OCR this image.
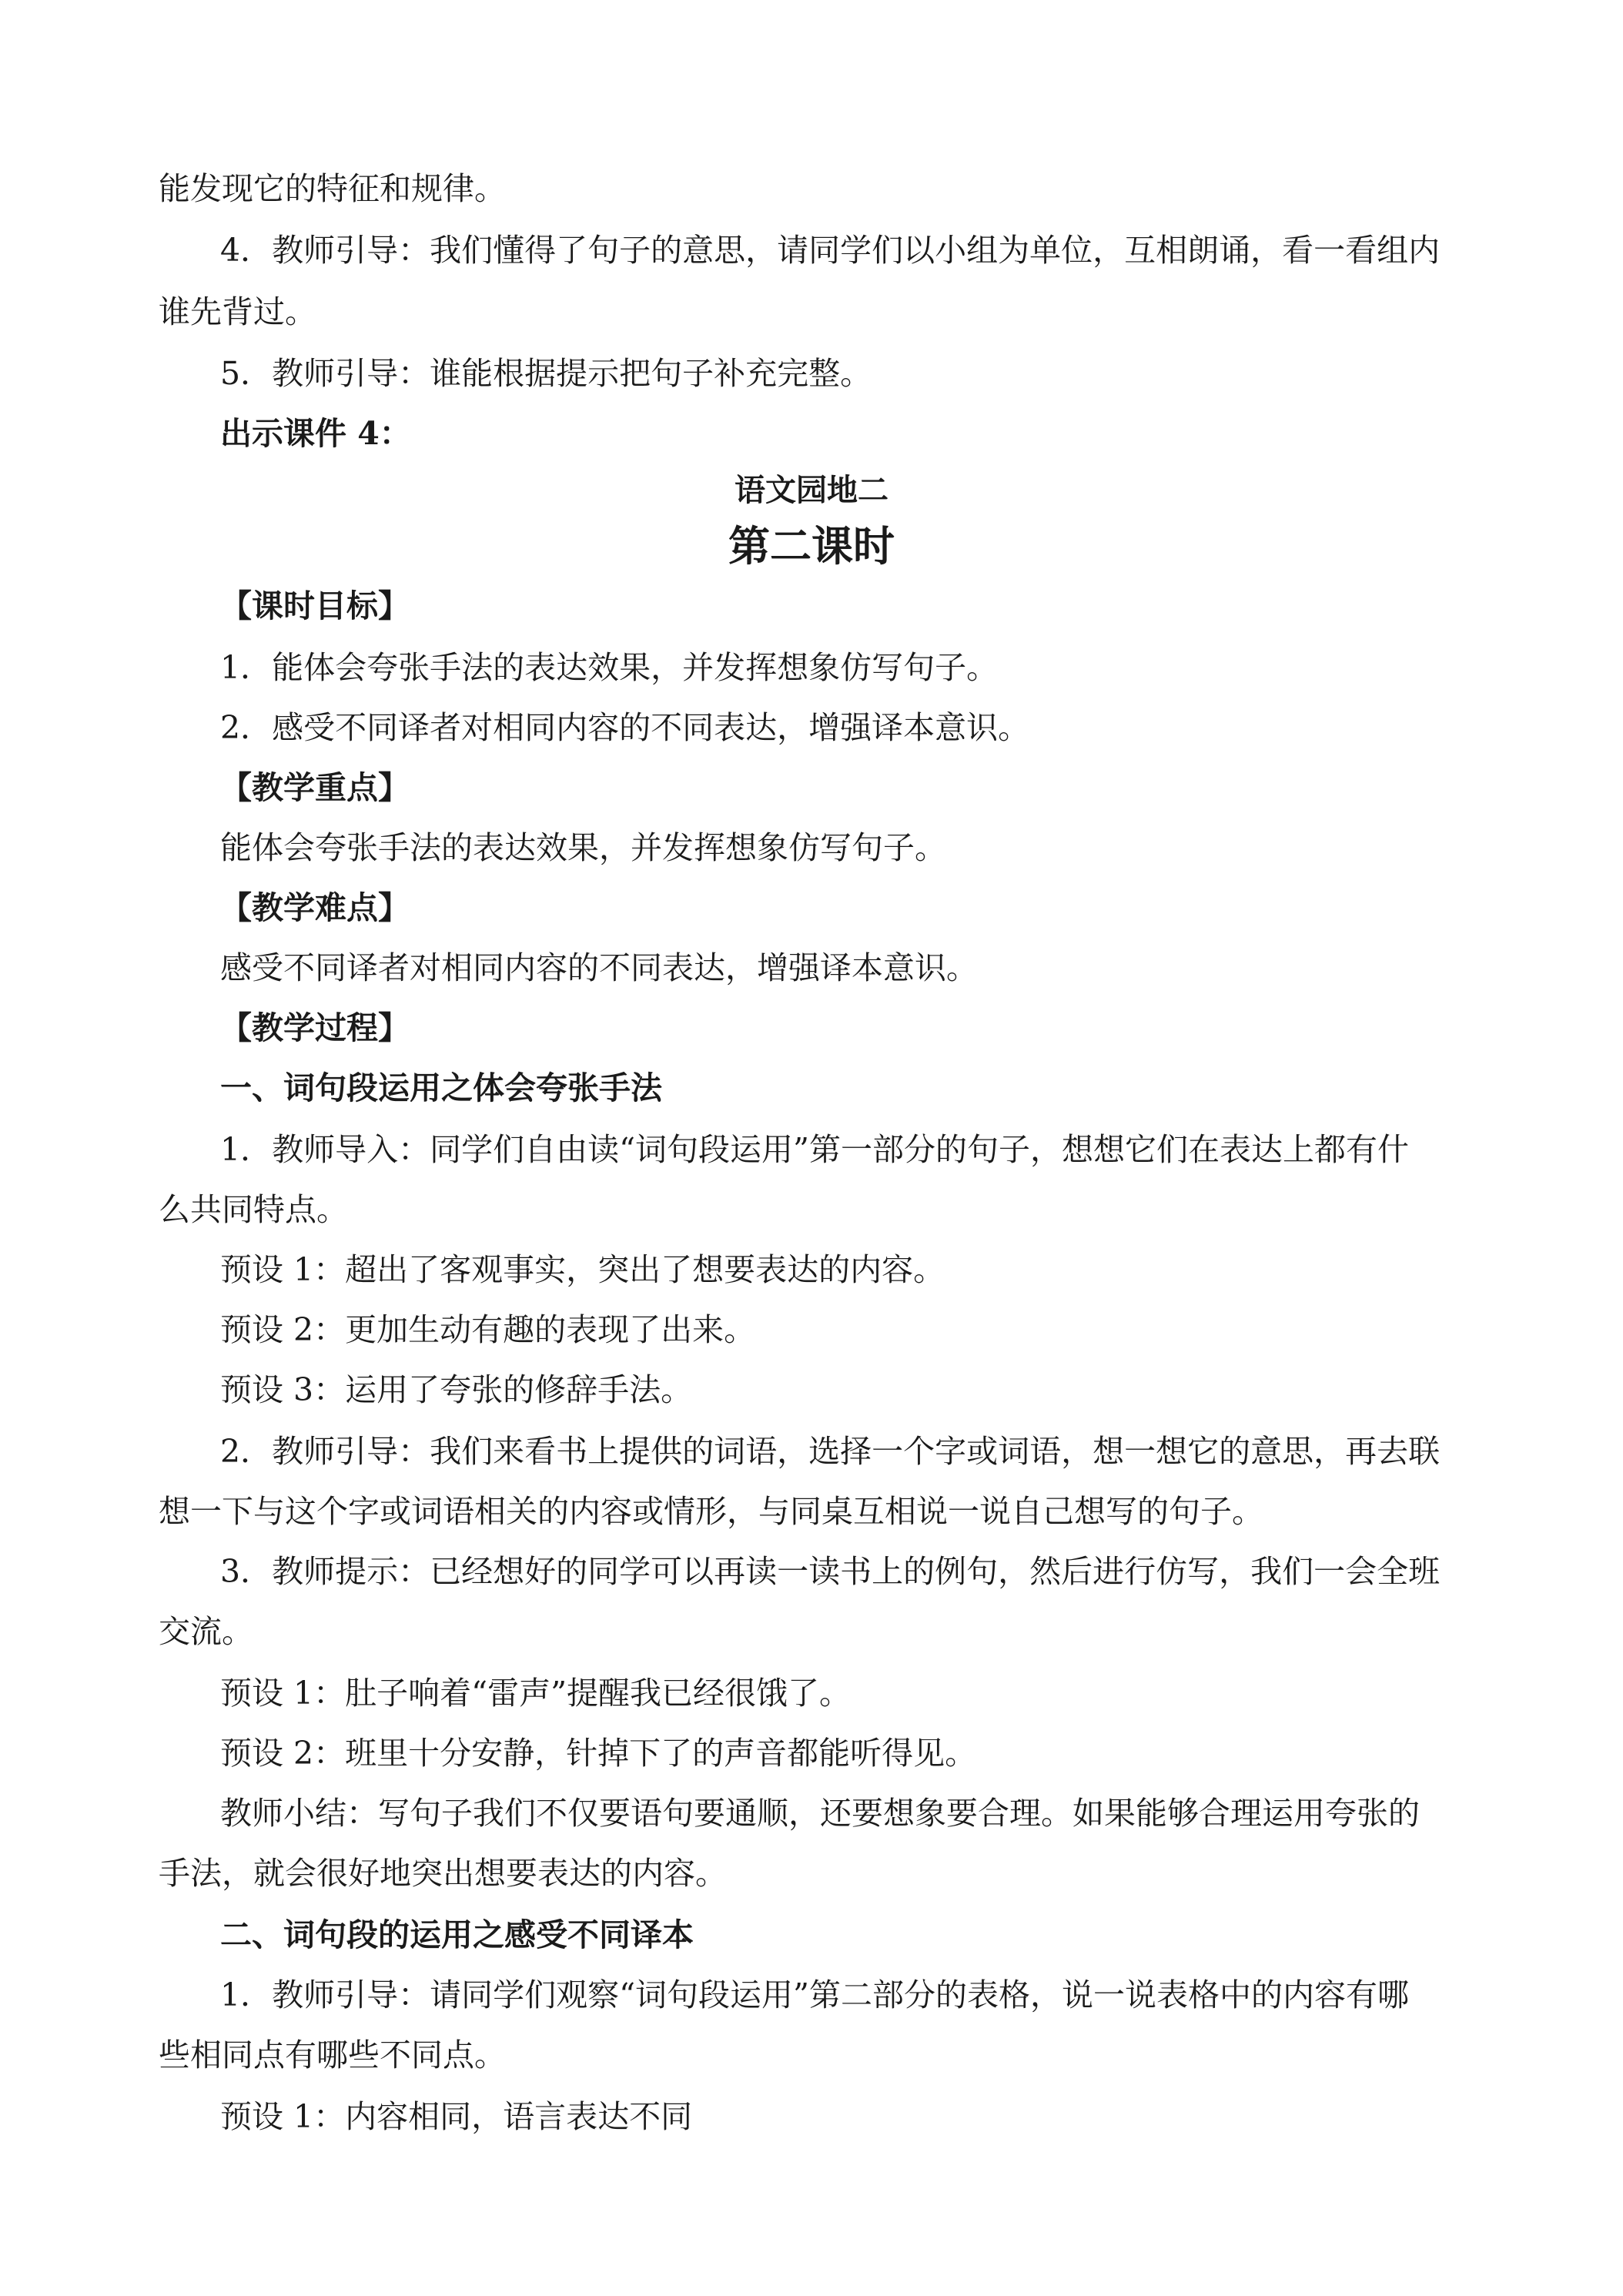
能发现它的特征和规律。
4．教师引导：我们懂得了句子的意思，请同学们以小组为单位，互相朗诵，看一看组内
谁先背过。
5．教师引导：谁能根据提示把句子补充完整。
出示课件 4：
语文园地二
第二课时
【课时目标】
1．能体会夸张手法的表达效果，并发挥想象仿写句子。
2．感受不同译者对相同内容的不同表达，增强译本意识。
【教学重点】
能体会夸张手法的表达效果，并发挥想象仿写句子。
【教学难点】
感受不同译者对相同内容的不同表达，增强译本意识。
【教学过程】
一、词句段运用之体会夸张手法
1．教师导入：同学们自由读“词句段运用”第一部分的句子，想想它们在表达上都有什
么共同特点。
预设 1：超出了客观事实，突出了想要表达的内容。
预设 2：更加生动有趣的表现了出来。
预设 3：运用了夸张的修辞手法。
2．教师引导：我们来看书上提供的词语，选择一个字或词语，想一想它的意思，再去联
想一下与这个字或词语相关的内容或情形，与同桌互相说一说自己想写的句子。
3．教师提示：已经想好的同学可以再读一读书上的例句，然后进行仿写，我们一会全班
交流。
预设 1：肚子响着“雷声”提醒我已经很饿了。
预设 2：班里十分安静，针掉下了的声音都能听得见。
教师小结：写句子我们不仅要语句要通顺，还要想象要合理。如果能够合理运用夸张的
手法，就会很好地突出想要表达的内容。
二、词句段的运用之感受不同译本
1．教师引导：请同学们观察“词句段运用”第二部分的表格，说一说表格中的内容有哪
些相同点有哪些不同点。
预设 1：内容相同，语言表达不同
